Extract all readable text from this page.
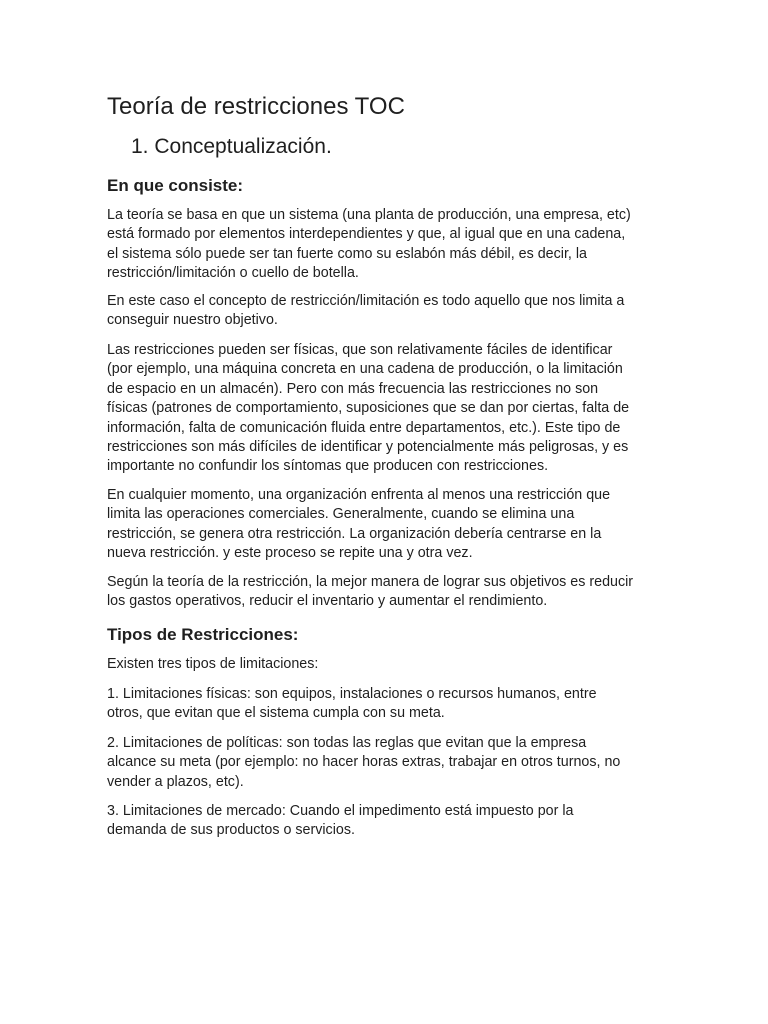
Teoría de restricciones TOC
1. Conceptualización.
En que consiste:

La teoría se basa en que un sistema (una planta de producción, una empresa, etc)
está formado por elementos interdependientes y que, al igual que en una cadena,
el sistema sólo puede ser tan fuerte como su eslabón más débil, es decir, la
restricción/limitación o cuello de botella.

En este caso el concepto de restricción/limitación es todo aquello que nos limita a
conseguir nuestro objetivo.

Las restricciones pueden ser físicas, que son relativamente fáciles de identificar
(por ejemplo, una máquina concreta en una cadena de producción, o la limitación
de espacio en un almacén). Pero con más frecuencia las restricciones no son
físicas (patrones de comportamiento, suposiciones que se dan por ciertas, falta de
información, falta de comunicación fluida entre departamentos, etc.). Este tipo de
restricciones son más difíciles de identificar y potencialmente más peligrosas, y es
importante no confundir los síntomas que producen con restricciones.

En cualquier momento, una organización enfrenta al menos una restricción que
limita las operaciones comerciales. Generalmente, cuando se elimina una
restricción, se genera otra restricción. La organización debería centrarse en la
nueva restricción. y este proceso se repite una y otra vez.

Según la teoría de la restricción, la mejor manera de lograr sus objetivos es reducir
los gastos operativos, reducir el inventario y aumentar el rendimiento.

Tipos de Restricciones:

Existen tres tipos de limitaciones:

1. Limitaciones físicas: son equipos, instalaciones o recursos humanos, entre
otros, que evitan que el sistema cumpla con su meta.

2. Limitaciones de políticas: son todas las reglas que evitan que la empresa
alcance su meta (por ejemplo: no hacer horas extras, trabajar en otros turnos, no
vender a plazos, etc).

3. Limitaciones de mercado: Cuando el impedimento está impuesto por la
demanda de sus productos o servicios.
